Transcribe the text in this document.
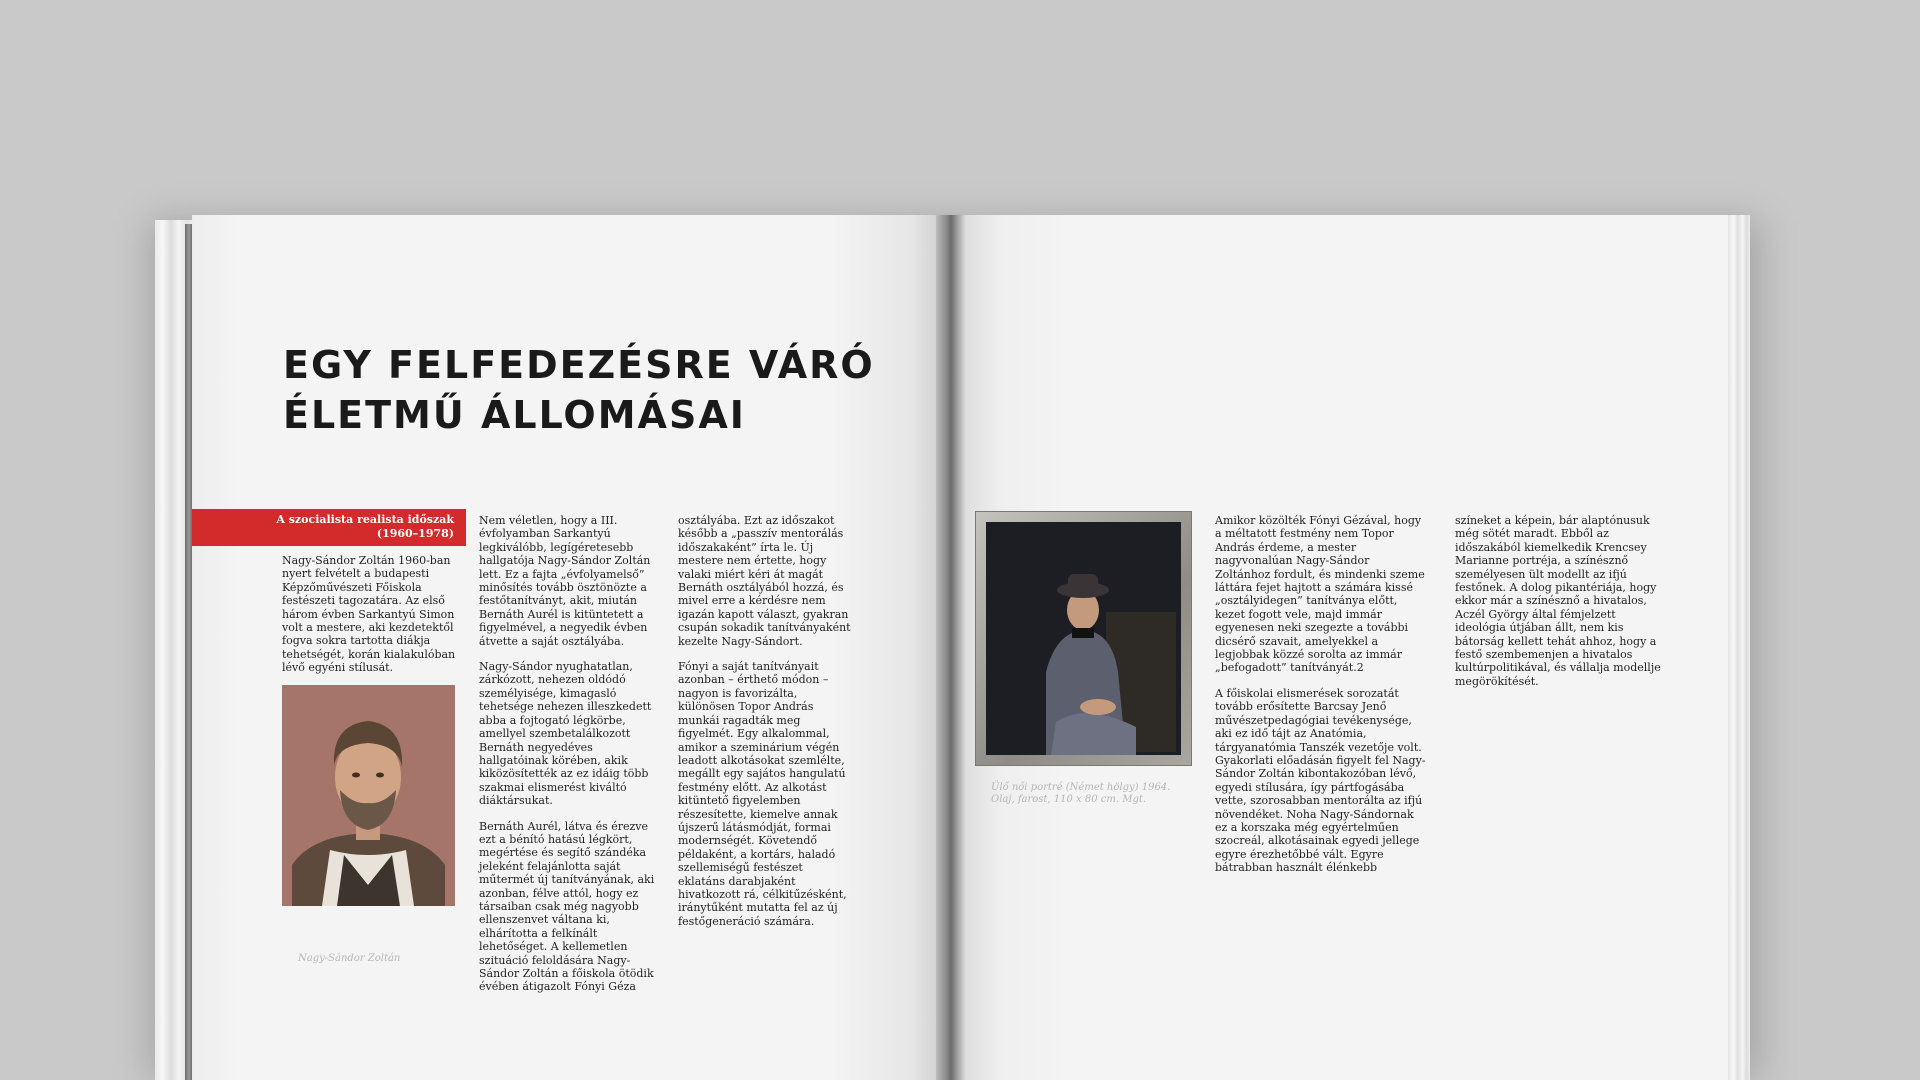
EGY FELFEDEZÉSRE VÁRÓ
ÉLETMŰ ÁLLOMÁSAI
A szocialista realista időszak
(1960–1978)

Nagy-Sándor Zoltán 1960-ban nyert felvételt a budapesti Képzőművészeti Főiskola festészeti tagozatára. Az első három évben Sarkantyú Simon volt a mestere, aki kezdetektől fogva sokra tartotta diákja tehetségét, korán kialakulóban lévő egyéni stílusát.

Nagy-Sándor Zoltán

Nem véletlen, hogy a III. évfolyamban Sarkantyú legkiválóbb, legígéretesebb hallgatója Nagy-Sándor Zoltán lett. Ez a fajta „évfolyamelső” minősítés tovább ösztönözte a festőtanítványt, akit, miután Bernáth Aurél is kitüntetett a figyelmével, a negyedik évben átvette a saját osztályába.

Nagy-Sándor nyughatatlan, zárkózott, nehezen oldódó személyisége, kimagasló tehetsége nehezen illeszkedett abba a fojtogató légkörbe, amellyel szembetalálkozott Bernáth negyedéves hallgatóinak körében, akik kiközösítették az ez idáig több szakmai elismerést kiváltó diáktársukat.

Bernáth Aurél, látva és érezve ezt a bénító hatású légkört, megértése és segítő szándéka jeleként felajánlotta saját műtermét új tanítványának, aki azonban, félve attól, hogy ez társaiban csak még nagyobb ellenszenvet váltana ki, elhárította a felkínált lehetőséget. A kellemetlen szituáció feloldására Nagy-Sándor Zoltán a főiskola ötödik évében átigazolt Fónyi Géza

osztályába. Ezt az időszakot később a „passzív mentorálás időszakaként” írta le. Új mestere nem értette, hogy valaki miért kéri át magát Bernáth osztályából hozzá, és mivel erre a kérdésre nem igazán kapott választ, gyakran csupán sokadik tanítványaként kezelte Nagy-Sándort.

Fónyi a saját tanítványait azonban – érthető módon – nagyon is favorizálta, különösen Topor András munkái ragadták meg figyelmét. Egy alkalommal, amikor a szeminárium végén leadott alkotásokat szemlélte, megállt egy sajátos hangulatú festmény előtt. Az alkotást kitüntető figyelemben részesítette, kiemelve annak újszerű látásmódját, formai modernségét. Követendő példaként, a kortárs, haladó szellemiségű festészet eklatáns darabjaként hivatkozott rá, célkitűzésként, iránytűként mutatta fel az új festőgeneráció számára.

Ülő női portré (Német hölgy) 1964.
Olaj, farost, 110 x 80 cm. Mgt.

Amikor közölték Fónyi Gézával, hogy a méltatott festmény nem Topor András érdeme, a mester nagyvonalúan Nagy-Sándor Zoltánhoz fordult, és mindenki szeme láttára fejet hajtott a számára kissé „osztályidegen” tanítványa előtt, kezet fogott vele, majd immár egyenesen neki szegezte a további dicsérő szavait, amelyekkel a legjobbak közzé sorolta az immár „befogadott” tanítványát.2

A főiskolai elismerések sorozatát tovább erősítette Barcsay Jenő művészetpedagógiai tevékenysége, aki ez idő tájt az Anatómia, tárgyanatómia Tanszék vezetője volt. Gyakorlati előadásán figyelt fel Nagy-Sándor Zoltán kibontakozóban lévő, egyedi stílusára, így pártfogásába vette, szorosabban mentorálta az ifjú növendéket. Noha Nagy-Sándornak ez a korszaka még egyértelműen szocreál, alkotásainak egyedi jellege egyre érezhetőbbé vált. Egyre bátrabban használt élénkebb

színeket a képein, bár alaptónusuk még sötét maradt. Ebből az időszakából kiemelkedik Krencsey Marianne portréja, a színésznő személyesen ült modellt az ifjú festőnek. A dolog pikantériája, hogy ekkor már a színésznő a hivatalos, Aczél György által fémjelzett ideológia útjában állt, nem kis bátorság kellett tehát ahhoz, hogy a festő szembemenjen a hivatalos kultúrpolitikával, és vállalja modellje megörökítését.
